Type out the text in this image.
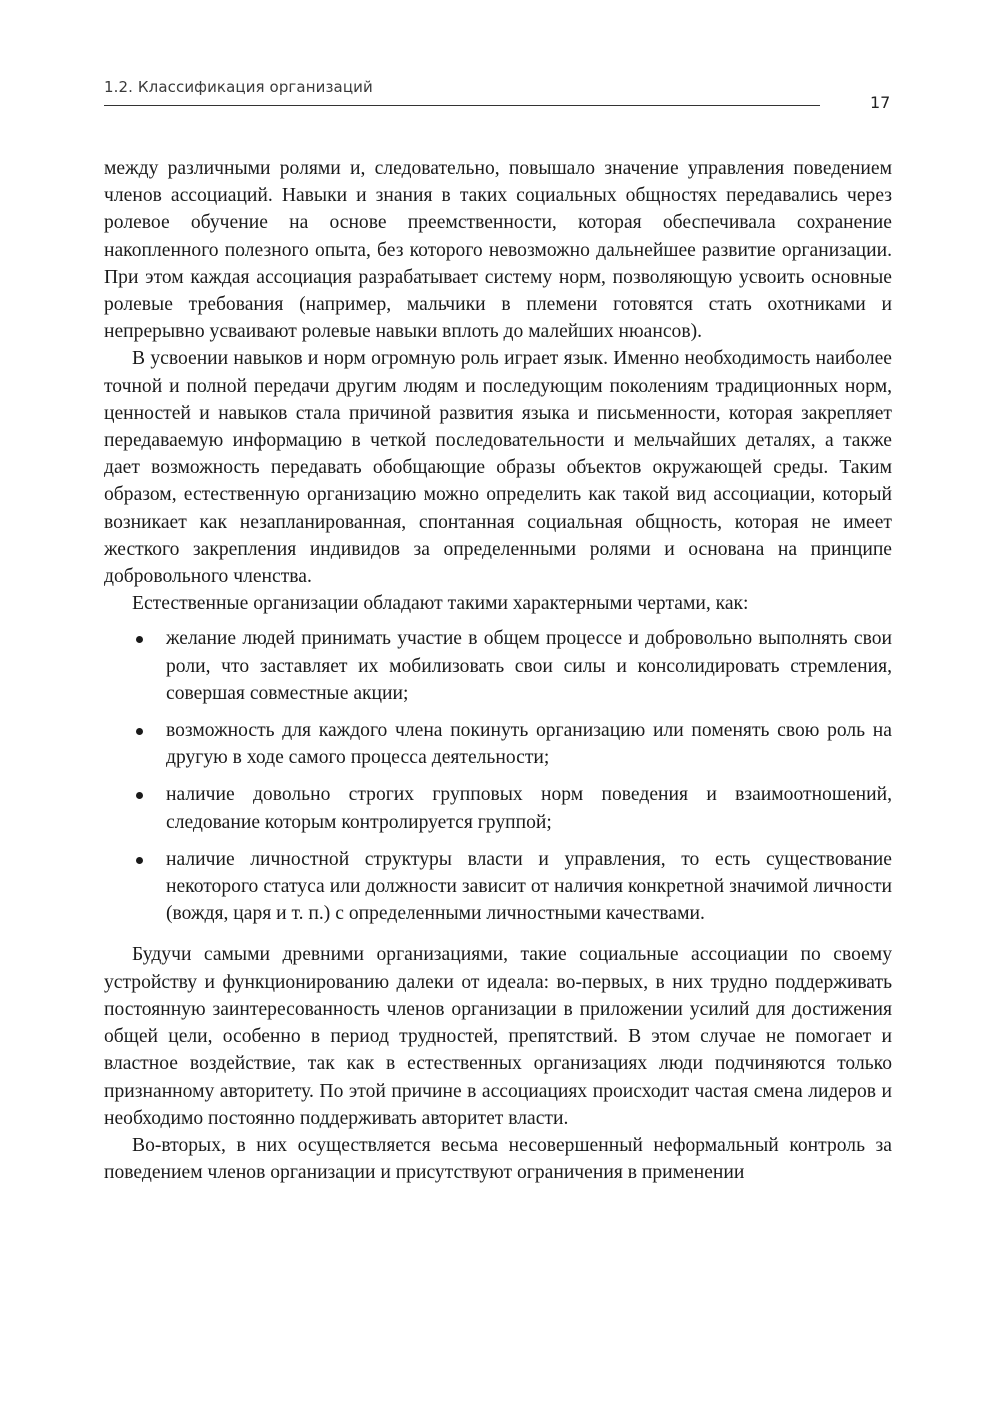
1.2. Классификация организаций
17

между различными ролями и, следовательно, повышало значение управления поведением членов ассоциаций. Навыки и знания в таких социальных общностях передавались через ролевое обучение на основе преемственности, которая обеспечивала сохранение накопленного полезного опыта, без которого невозможно дальнейшее развитие организации. При этом каждая ассоциация разрабатывает систему норм, позволяющую усвоить основные ролевые требования (например, мальчики в племени готовятся стать охотниками и непрерывно усваивают ролевые навыки вплоть до малейших нюансов).

В усвоении навыков и норм огромную роль играет язык. Именно необходимость наиболее точной и полной передачи другим людям и последующим поколениям традиционных норм, ценностей и навыков стала причиной развития языка и письменности, которая закрепляет передаваемую информацию в четкой последовательности и мельчайших деталях, а также дает возможность передавать обобщающие образы объектов окружающей среды. Таким образом, естественную организацию можно определить как такой вид ассоциации, который возникает как незапланированная, спонтанная социальная общность, которая не имеет жесткого закрепления индивидов за определенными ролями и основана на принципе добровольного членства.

Естественные организации обладают такими характерными чертами, как:

желание людей принимать участие в общем процессе и добровольно выполнять свои роли, что заставляет их мобилизовать свои силы и консолидировать стремления, совершая совместные акции;
возможность для каждого члена покинуть организацию или поменять свою роль на другую в ходе самого процесса деятельности;
наличие довольно строгих групповых норм поведения и взаимоотношений, следование которым контролируется группой;
наличие личностной структуры власти и управления, то есть существование некоторого статуса или должности зависит от наличия конкретной значимой личности (вождя, царя и т. п.) с определенными личностными качествами.

Будучи самыми древними организациями, такие социальные ассоциации по своему устройству и функционированию далеки от идеала: во-первых, в них трудно поддерживать постоянную заинтересованность членов организации в приложении усилий для достижения общей цели, особенно в период трудностей, препятствий. В этом случае не помогает и властное воздействие, так как в естественных организациях люди подчиняются только признанному авторитету. По этой причине в ассоциациях происходит частая смена лидеров и необходимо постоянно поддерживать авторитет власти.

Во-вторых, в них осуществляется весьма несовершенный неформальный контроль за поведением членов организации и присутствуют ограничения в применении
